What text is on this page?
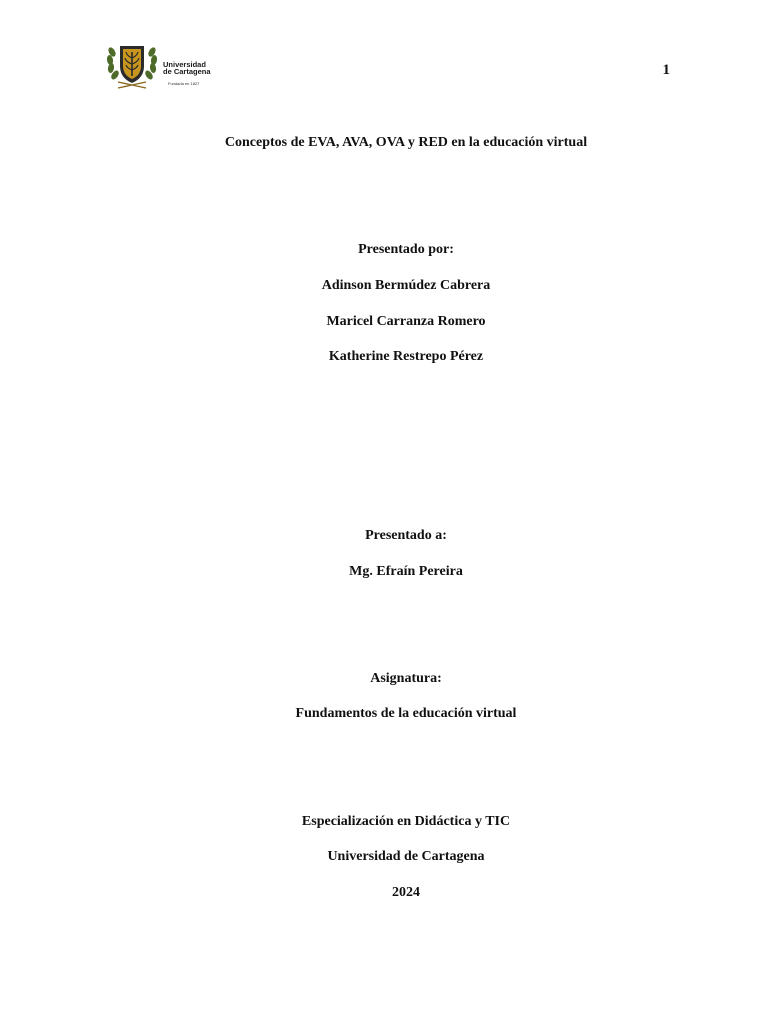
1
Universidad
de Cartagena
Fundada en 1827
Conceptos de EVA, AVA, OVA y RED en la educación virtual
Presentado por:
Adinson Bermúdez Cabrera
Maricel Carranza Romero
Katherine Restrepo Pérez
Presentado a:
Mg. Efraín Pereira
Asignatura:
Fundamentos de la educación virtual
Especialización en Didáctica y TIC
Universidad de Cartagena
2024
